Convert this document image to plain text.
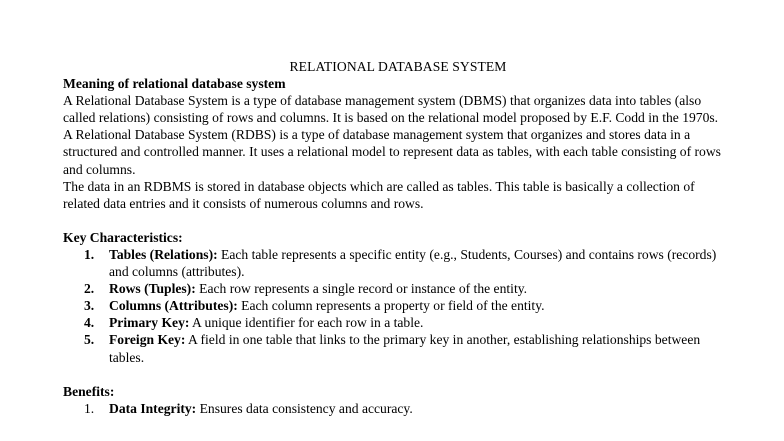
RELATIONAL DATABASE SYSTEM

Meaning of relational database system

A Relational Database System is a type of database management system (DBMS) that organizes data into tables (also called relations) consisting of rows and columns. It is based on the relational model proposed by E.F. Codd in the 1970s.

A Relational Database System (RDBS) is a type of database management system that organizes and stores data in a structured and controlled manner. It uses a relational model to represent data as tables, with each table consisting of rows and columns.

The data in an RDBMS is stored in database objects which are called as tables. This table is basically a collection of related data entries and it consists of numerous columns and rows.

Key Characteristics:

1. Tables (Relations): Each table represents a specific entity (e.g., Students, Courses) and contains rows (records) and columns (attributes).
2. Rows (Tuples): Each row represents a single record or instance of the entity.
3. Columns (Attributes): Each column represents a property or field of the entity.
4. Primary Key: A unique identifier for each row in a table.
5. Foreign Key: A field in one table that links to the primary key in another, establishing relationships between tables.

Benefits:

1. Data Integrity: Ensures data consistency and accuracy.
